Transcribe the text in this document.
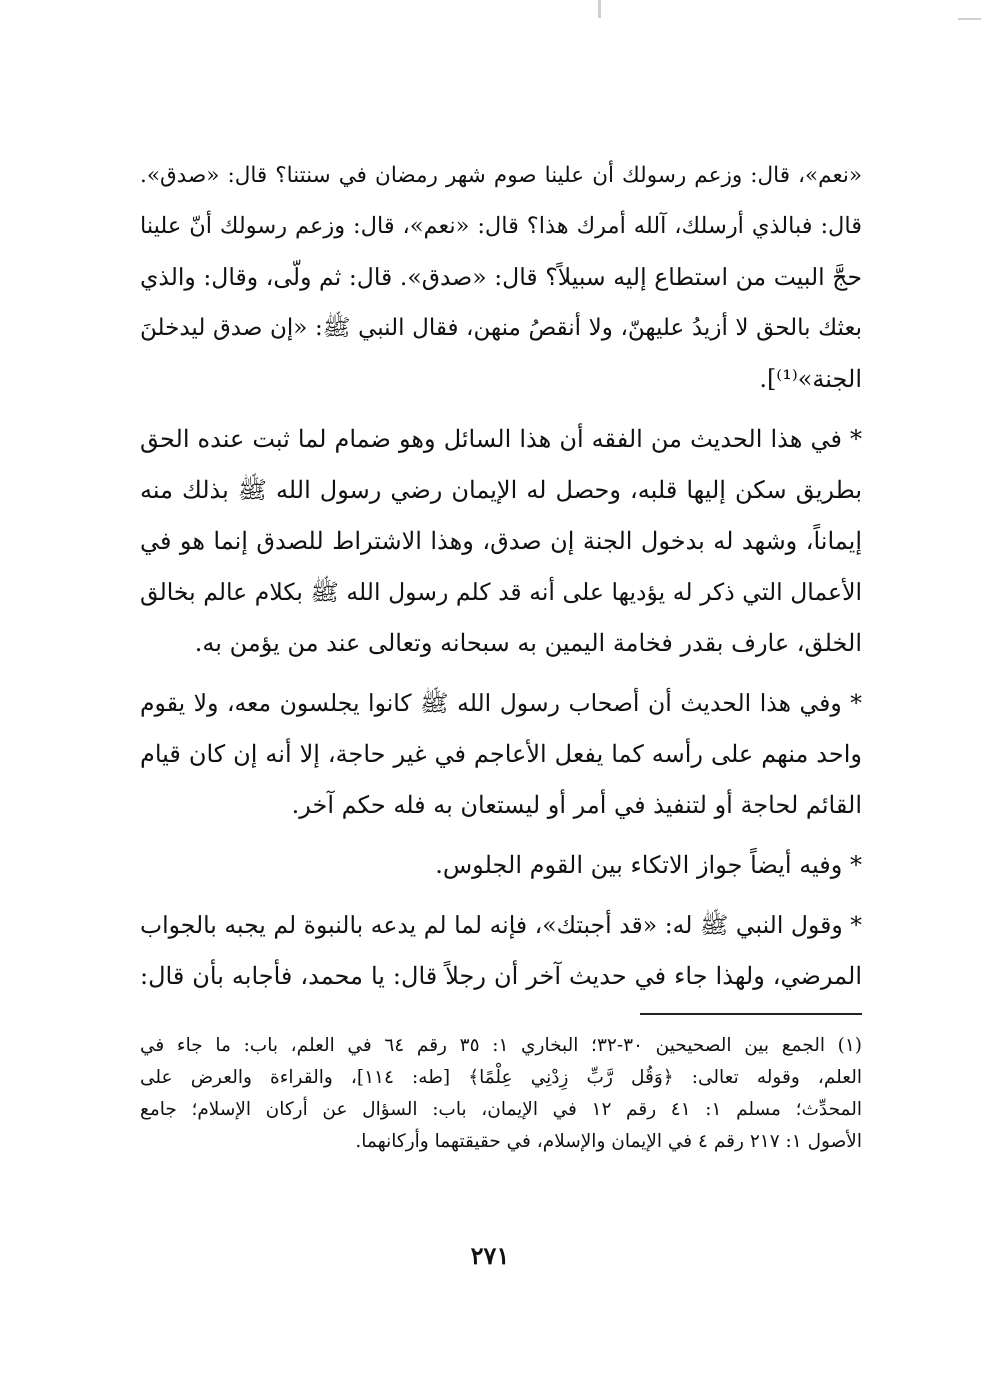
«نعم»، قال: وزعم رسولك أن علينا صوم شهر رمضان في سنتنا؟ قال: «صدق».
قال: فبالذي أرسلك، آلله أمرك هذا؟ قال: «نعم»، قال: وزعم رسولك أنّ علينا
حجَّ البيت من استطاع إليه سبيلاً؟ قال: «صدق». قال: ثم ولّى، وقال: والذي
بعثك بالحق لا أزيدُ عليهنّ، ولا أنقصُ منهن، فقال النبي ﷺ: «إن صدق ليدخلنَ
الجنة»⁽¹⁾].
* في هذا الحديث من الفقه أن هذا السائل وهو ضمام لما ثبت عنده الحق
بطريق سكن إليها قلبه، وحصل له الإيمان رضي رسول الله ﷺ بذلك منه
إيماناً، وشهد له بدخول الجنة إن صدق، وهذا الاشتراط للصدق إنما هو في
الأعمال التي ذكر له يؤديها على أنه قد كلم رسول الله ﷺ بكلام عالم بخالق
الخلق، عارف بقدر فخامة اليمين به سبحانه وتعالى عند من يؤمن به.
* وفي هذا الحديث أن أصحاب رسول الله ﷺ كانوا يجلسون معه، ولا يقوم
واحد منهم على رأسه كما يفعل الأعاجم في غير حاجة، إلا أنه إن كان قيام
القائم لحاجة أو لتنفيذ في أمر أو ليستعان به فله حكم آخر.
* وفيه أيضاً جواز الاتكاء بين القوم الجلوس.
* وقول النبي ﷺ له: «قد أجبتك»، فإنه لما لم يدعه بالنبوة لم يجبه بالجواب
المرضي، ولهذا جاء في حديث آخر أن رجلاً قال: يا محمد، فأجابه بأن قال:
(١) الجمع بين الصحيحين ٣٠-٣٢؛ البخاري ١: ٣٥ رقم ٦٤ في العلم، باب: ما جاء في
العلم، وقوله تعالى: ﴿وَقُل رَّبِّ زِدْنِي عِلْمًا﴾ [طه: ١١٤]، والقراءة والعرض على
المحدِّث؛ مسلم ١: ٤١ رقم ١٢ في الإيمان، باب: السؤال عن أركان الإسلام؛ جامع
الأصول ١: ٢١٧ رقم ٤ في الإيمان والإسلام، في حقيقتهما وأركانهما.
٢٧١
